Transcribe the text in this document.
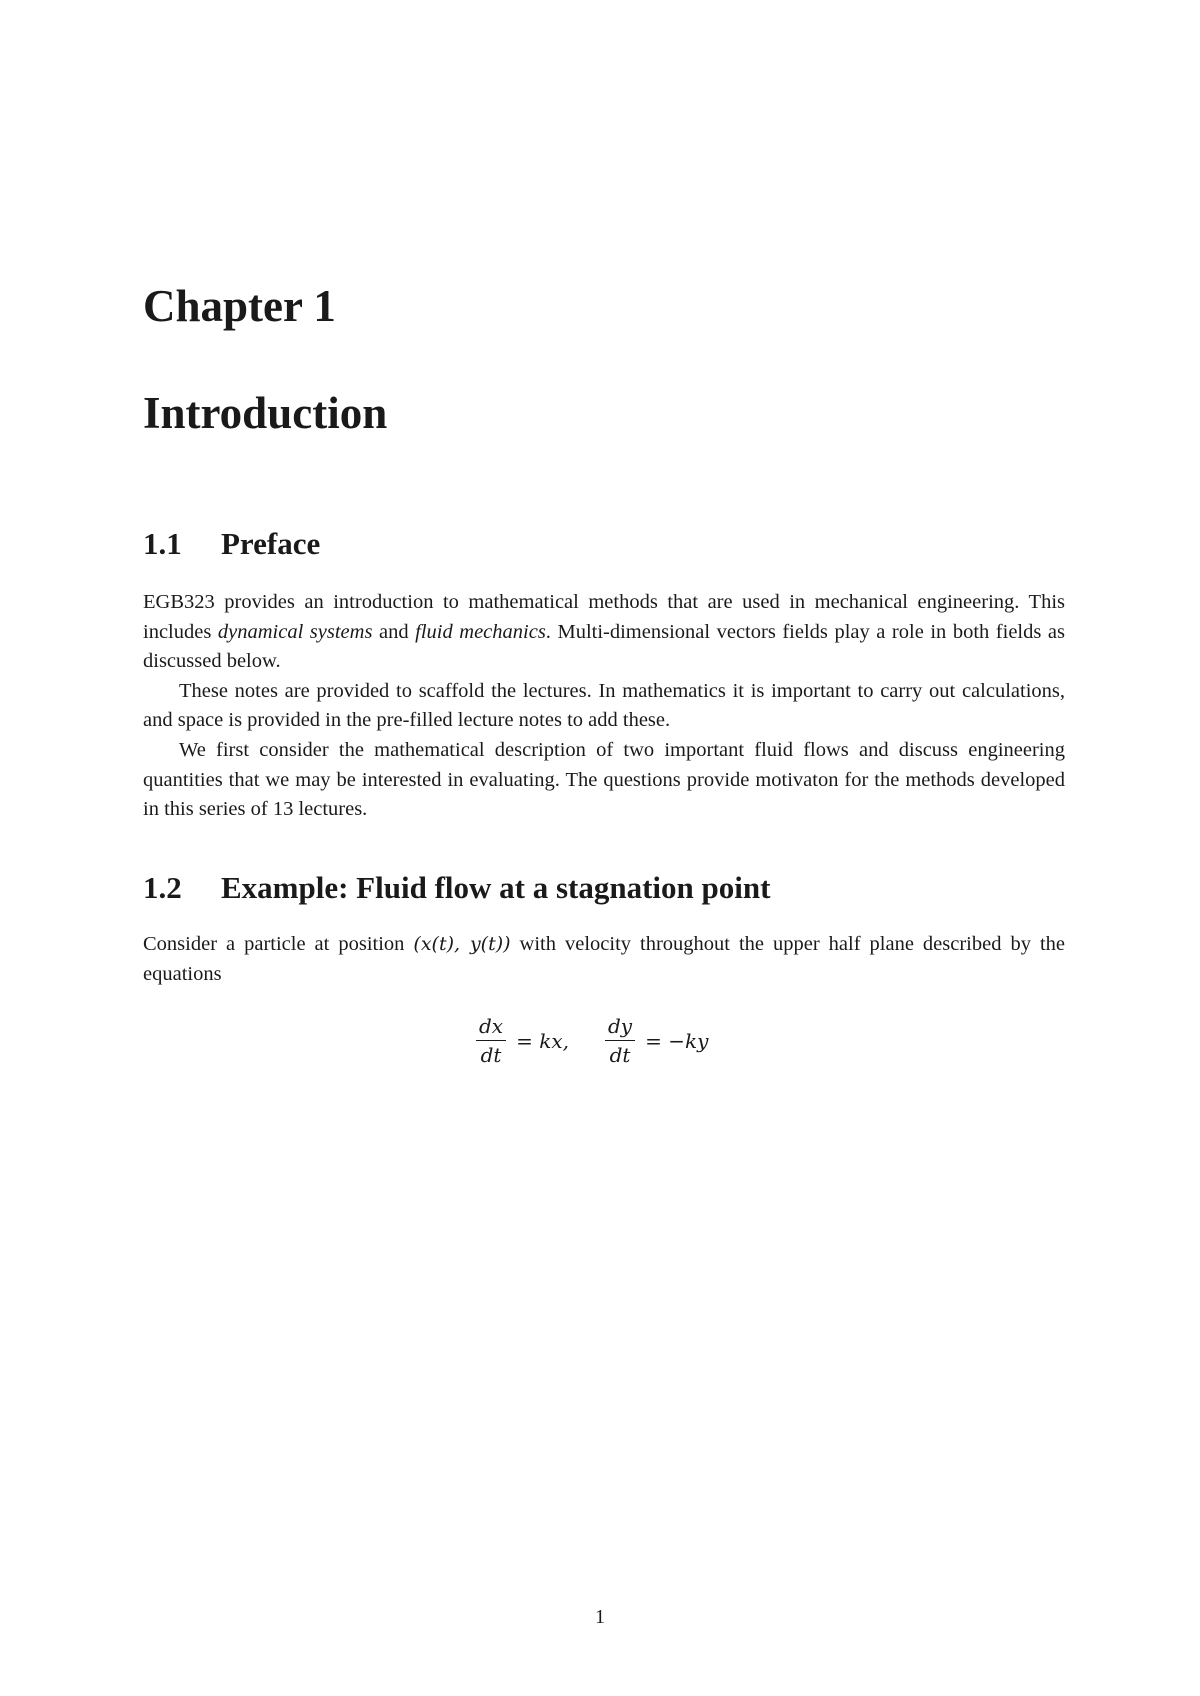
Chapter 1
Introduction
1.1 Preface

EGB323 provides an introduction to mathematical methods that are used in mechanical engineering. This includes dynamical systems and fluid mechanics. Multi-dimensional vectors fields play a role in both fields as discussed below.

These notes are provided to scaffold the lectures. In mathematics it is important to carry out calculations, and space is provided in the pre-filled lecture notes to add these.

We first consider the mathematical description of two important fluid flows and discuss engineering quantities that we may be interested in evaluating. The questions provide motivaton for the methods developed in this series of 13 lectures.

1.2 Example: Fluid flow at a stagnation point

Consider a particle at position (x(t), y(t)) with velocity throughout the upper half plane described by the equations

$\frac{dx}{dt}$ = kx, $\frac{dy}{dt} = -ky$

1
